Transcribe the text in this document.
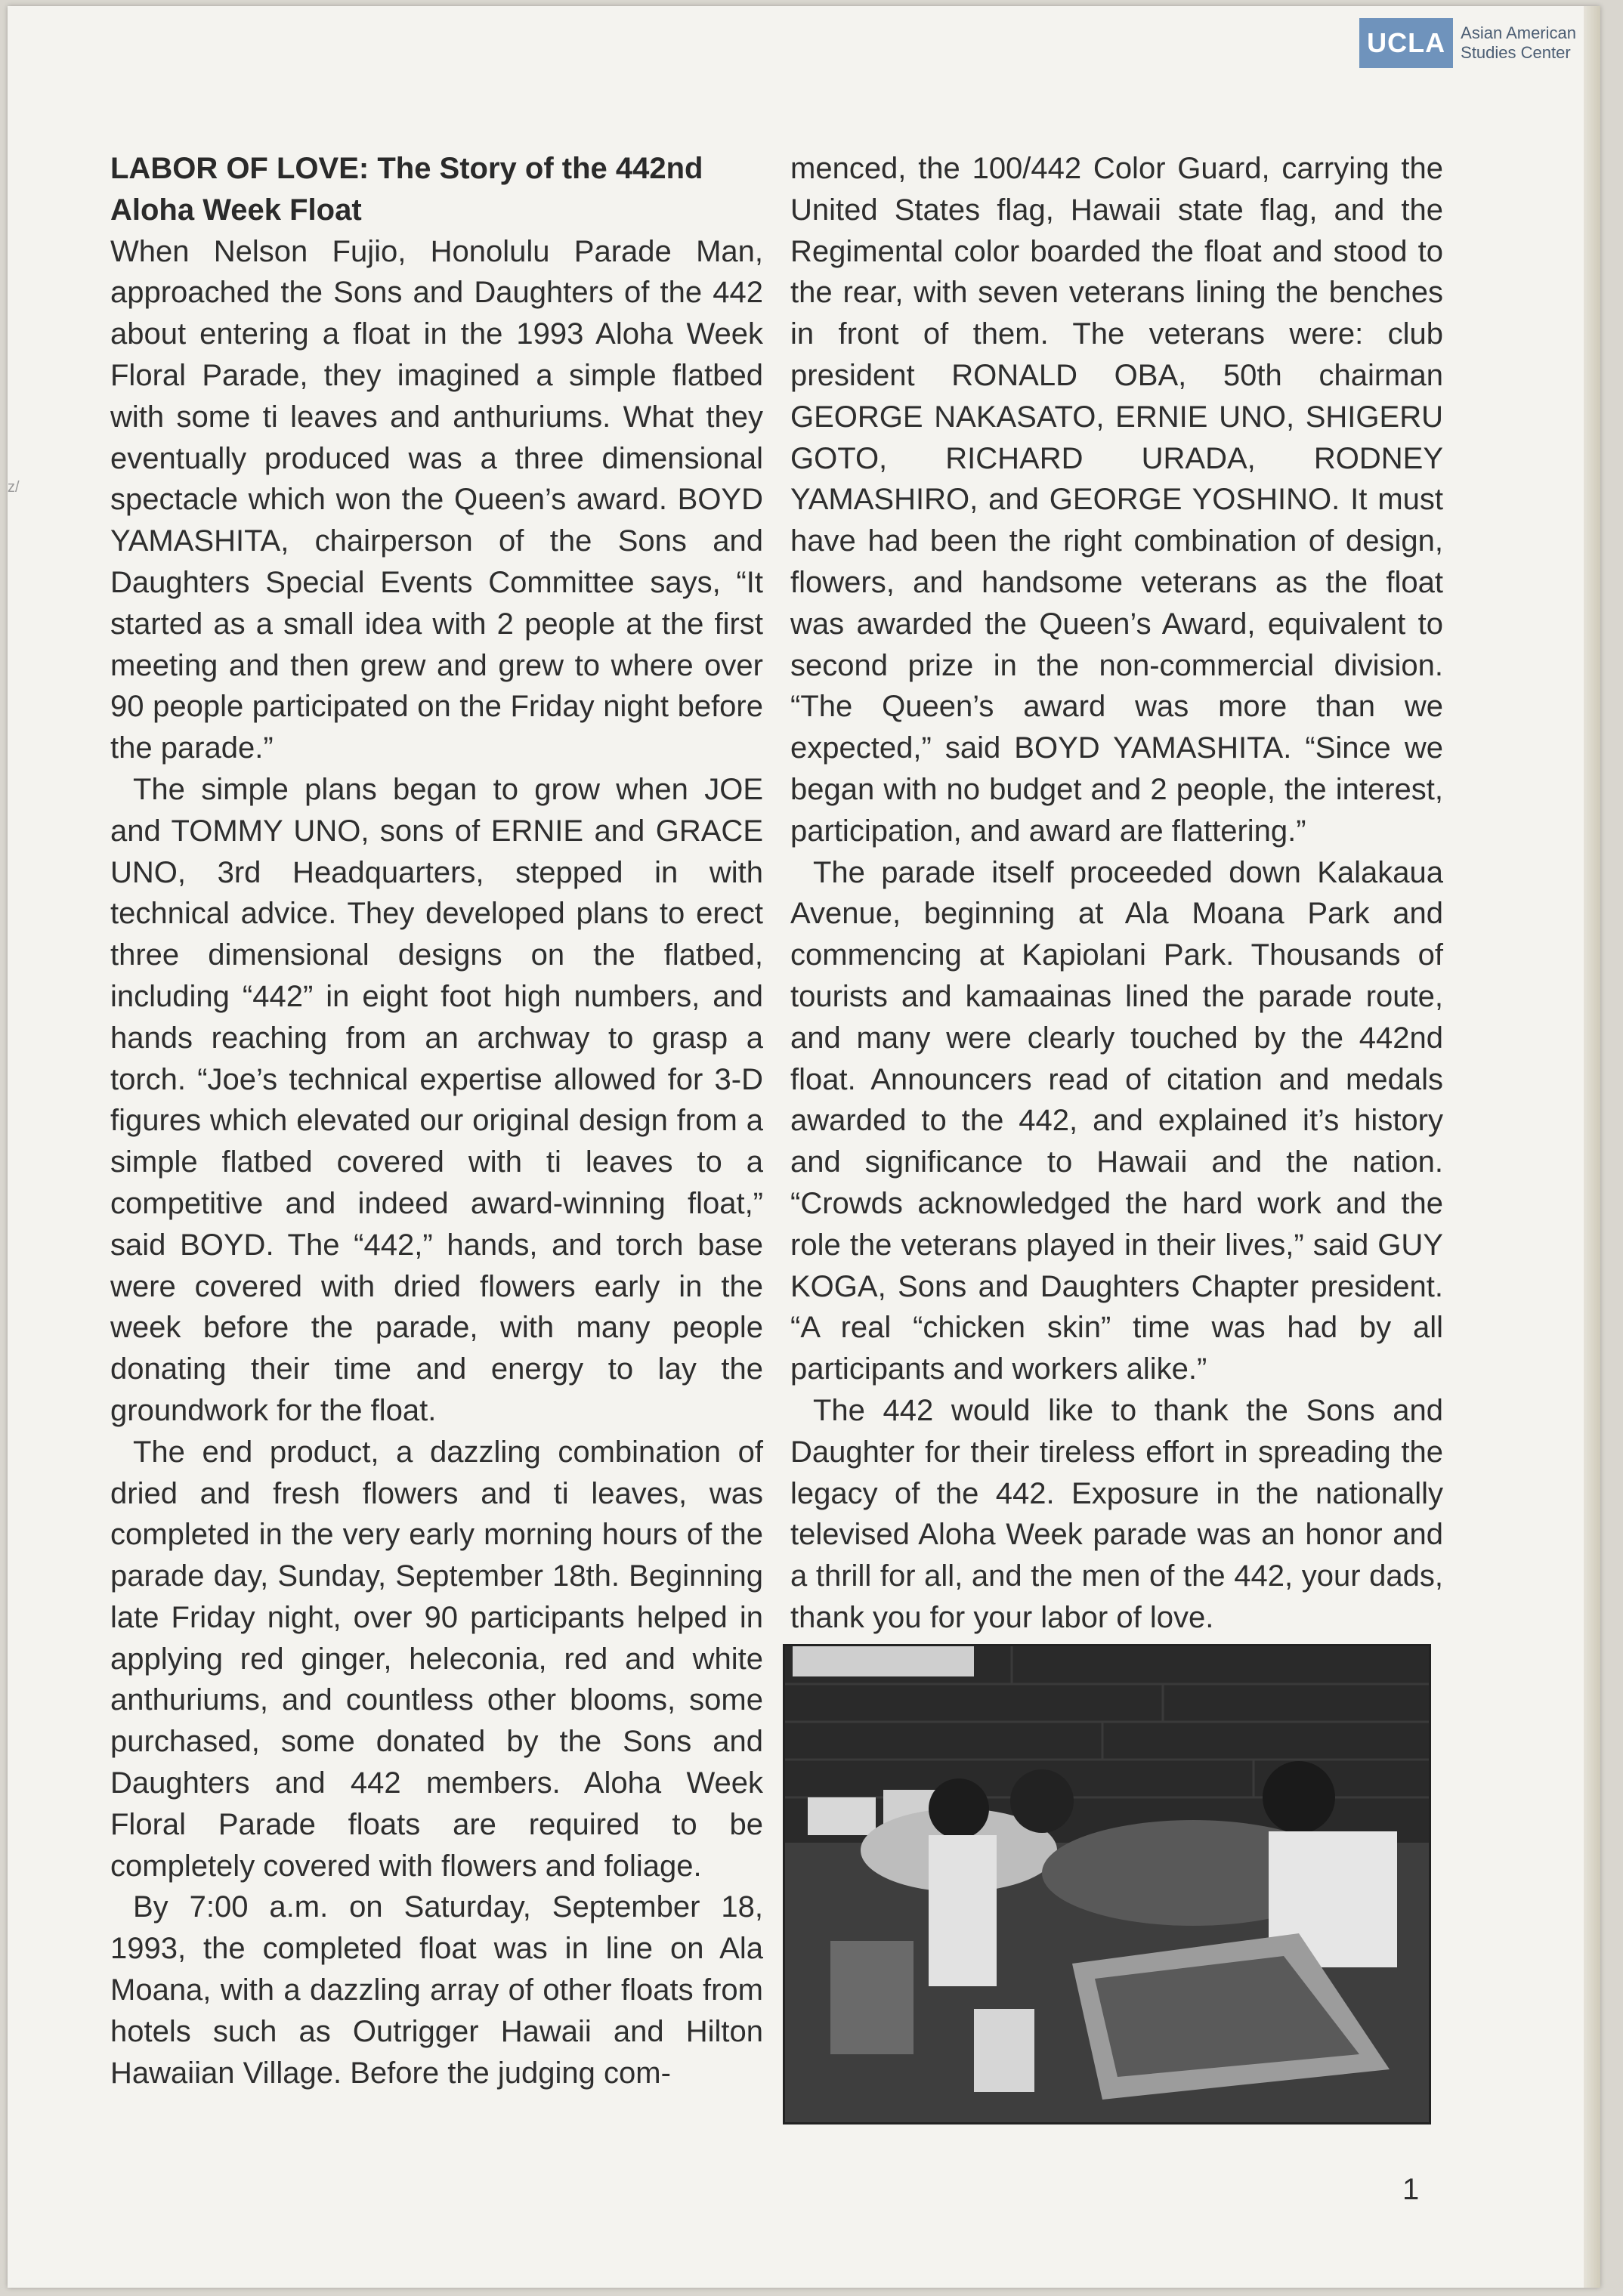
z/
UCLA Asian American
Studies Center
LABOR OF LOVE: The Story of the 442nd
Aloha Week Float

When Nelson Fujio, Honolulu Parade Man, approached the Sons and Daughters of the 442 about entering a float in the 1993 Aloha Week Floral Parade, they imagined a simple flatbed with some ti leaves and anthuriums. What they eventually produced was a three dimensional spectacle which won the Queen’s award. BOYD YAMASHITA, chairperson of the Sons and Daughters Special Events Committee says, “It started as a small idea with 2 people at the first meeting and then grew and grew to where over 90 people participated on the Friday night before the parade.”

The simple plans began to grow when JOE and TOMMY UNO, sons of ERNIE and GRACE UNO, 3rd Headquarters, stepped in with technical advice. They developed plans to erect three dimensional designs on the flatbed, including “442” in eight foot high numbers, and hands reaching from an archway to grasp a torch. “Joe’s technical expertise allowed for 3-D figures which elevated our original design from a simple flatbed covered with ti leaves to a competitive and indeed award-winning float,” said BOYD. The “442,” hands, and torch base were covered with dried flowers early in the week before the parade, with many people donating their time and energy to lay the groundwork for the float.

The end product, a dazzling combination of dried and fresh flowers and ti leaves, was completed in the very early morning hours of the parade day, Sunday, September 18th. Beginning late Friday night, over 90 participants helped in applying red ginger, heleconia, red and white anthuriums, and countless other blooms, some purchased, some donated by the Sons and Daughters and 442 members. Aloha Week Floral Parade floats are required to be completely covered with flowers and foliage.

By 7:00 a.m. on Saturday, September 18, 1993, the completed float was in line on Ala Moana, with a dazzling array of other floats from hotels such as Outrigger Hawaii and Hilton Hawaiian Village. Before the judging com-

menced, the 100/442 Color Guard, carrying the United States flag, Hawaii state flag, and the Regimental color boarded the float and stood to the rear, with seven veterans lining the benches in front of them. The veterans were: club president RONALD OBA, 50th chairman GEORGE NAKASATO, ERNIE UNO, SHIGERU GOTO, RICHARD URADA, RODNEY YAMASHIRO, and GEORGE YOSHINO. It must have had been the right combination of design, flowers, and handsome veterans as the float was awarded the Queen’s Award, equivalent to second prize in the non-commercial division. “The Queen’s award was more than we expected,” said BOYD YAMASHITA. “Since we began with no budget and 2 people, the interest, participation, and award are flattering.”

The parade itself proceeded down Kalakaua Avenue, beginning at Ala Moana Park and commencing at Kapiolani Park. Thousands of tourists and kamaainas lined the parade route, and many were clearly touched by the 442nd float. Announcers read of citation and medals awarded to the 442, and explained it’s history and significance to Hawaii and the nation. “Crowds acknowledged the hard work and the role the veterans played in their lives,” said GUY KOGA, Sons and Daughters Chapter president. “A real “chicken skin” time was had by all participants and workers alike.”

The 442 would like to thank the Sons and Daughter for their tireless effort in spreading the legacy of the 442. Exposure in the nationally televised Aloha Week parade was an honor and a thrill for all, and the men of the 442, your dads, thank you for your labor of love.

1
